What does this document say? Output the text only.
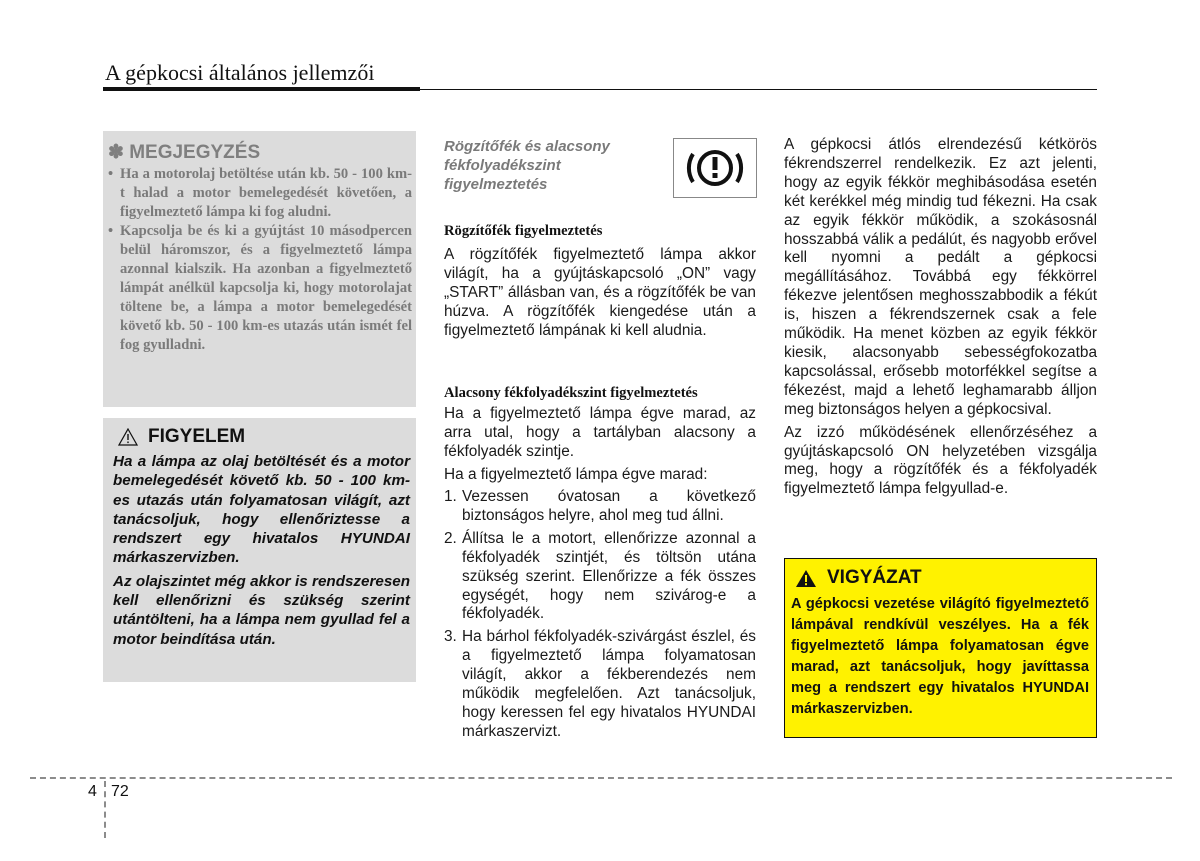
A gépkocsi általános jellemzői
✽ MEGJEGYZÉS
• Ha a motorolaj betöltése után kb. 50 - 100 km-t halad a motor bemelegedését követően, a figyelmeztető lámpa ki fog aludni.
• Kapcsolja be és ki a gyújtást 10 másodpercen belül háromszor, és a figyelmeztető lámpa azonnal kialszik. Ha azonban a figyelmeztető lámpát anélkül kapcsolja ki, hogy motorolajat töltene be, a lámpa a motor bemelegedését követő kb. 50 - 100 km-es utazás után ismét fel fog gyulladni.
FIGYELEM

Ha a lámpa az olaj betöltését és a motor bemelegedését követő kb. 50 - 100 km-es utazás után folyamatosan világít, azt tanácsoljuk, hogy ellenőriztesse a rendszert egy hivatalos HYUNDAI márkaszervizben.

Az olajszintet még akkor is rendszeresen kell ellenőrizni és szükség szerint utántölteni, ha a lámpa nem gyullad fel a motor beindítása után.

Rögzítőfék és alacsony fékfolyadékszint figyelmeztetés
Rögzítőfék figyelmeztetés

A rögzítőfék figyelmeztető lámpa akkor világít, ha a gyújtáskapcsoló „ON” vagy „START” állásban van, és a rögzítőfék be van húzva. A rögzítőfék kiengedése után a figyelmeztető lámpának ki kell aludnia.

Alacsony fékfolyadékszint figyelmeztetés

Ha a figyelmeztető lámpa égve marad, az arra utal, hogy a tartályban alacsony a fékfolyadék szintje.

Ha a figyelmeztető lámpa égve marad:

1. Vezessen óvatosan a következő biztonságos helyre, ahol meg tud állni.
2. Állítsa le a motort, ellenőrizze azonnal a fékfolyadék szintjét, és töltsön utána szükség szerint. Ellenőrizze a fék összes egységét, hogy nem szivárog-e a fékfolyadék.
3. Ha bárhol fékfolyadék-szivárgást észlel, és a figyelmeztető lámpa folyamatosan világít, akkor a fékberendezés nem működik megfelelően. Azt tanácsoljuk, hogy keressen fel egy hivatalos HYUNDAI márkaszervizt.

A gépkocsi átlós elrendezésű kétkörös fékrendszerrel rendelkezik. Ez azt jelenti, hogy az egyik fékkör meghibásodása esetén két kerékkel még mindig tud fékezni. Ha csak az egyik fékkör működik, a szokásosnál hosszabbá válik a pedálút, és nagyobb erővel kell nyomni a pedált a gépkocsi megállításához. Továbbá egy fékkörrel fékezve jelentősen meghosszabbodik a fékút is, hiszen a fékrendszernek csak a fele működik. Ha menet közben az egyik fékkör kiesik, alacsonyabb sebességfokozatba kapcsolással, erősebb motorfékkel segítse a fékezést, majd a lehető leghamarabb álljon meg biztonságos helyen a gépkocsival.

Az izzó működésének ellenőrzéséhez a gyújtáskapcsoló ON helyzetében vizsgálja meg, hogy a rögzítőfék és a fékfolyadék figyelmeztető lámpa felgyullad-e.

VIGYÁZAT
A gépkocsi vezetése világító figyelmeztető lámpával rendkívül veszélyes. Ha a fék figyelmeztető lámpa folyamatosan égve marad, azt tanácsoljuk, hogy javíttassa meg a rendszert egy hivatalos HYUNDAI márkaszervizben.
4 72
